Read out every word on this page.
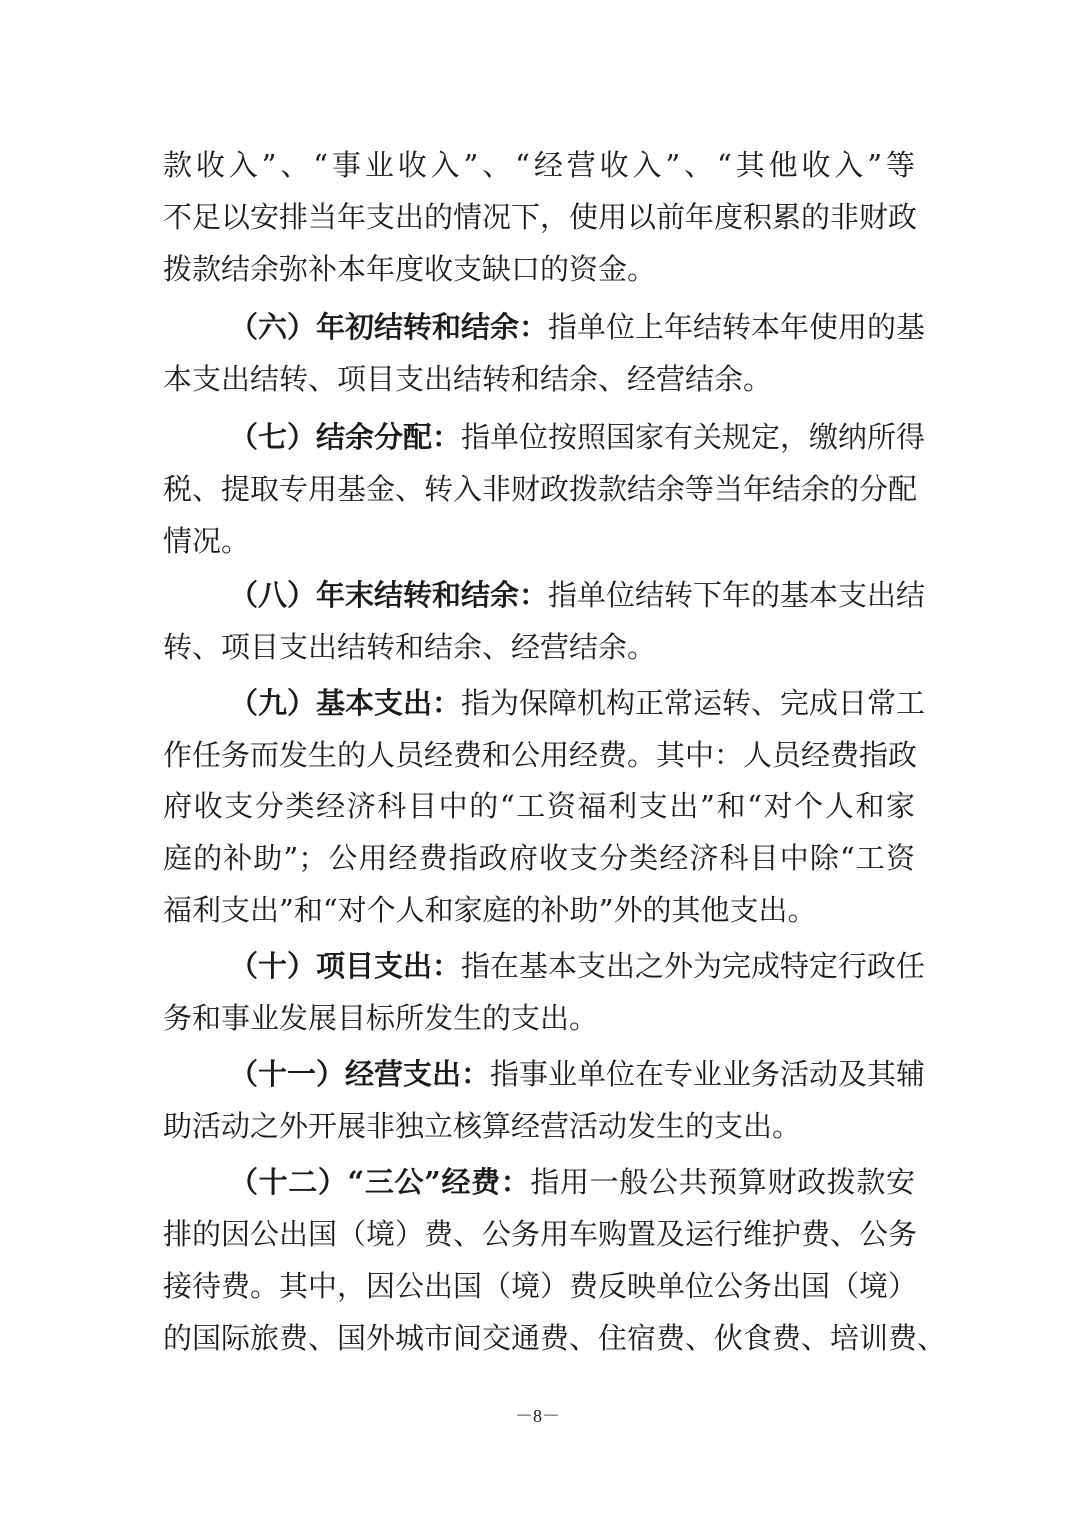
款收入”、“事业收入”、“经营收入”、“其他收入”等
不足以安排当年支出的情况下，使用以前年度积累的非财政
拨款结余弥补本年度收支缺口的资金。
（六）年初结转和结余：指单位上年结转本年使用的基
本支出结转、项目支出结转和结余、经营结余。
（七）结余分配：指单位按照国家有关规定，缴纳所得
税、提取专用基金、转入非财政拨款结余等当年结余的分配
情况。
（八）年末结转和结余：指单位结转下年的基本支出结
转、项目支出结转和结余、经营结余。
（九）基本支出：指为保障机构正常运转、完成日常工
作任务而发生的人员经费和公用经费。其中：人员经费指政
府收支分类经济科目中的“工资福利支出”和“对个人和家
庭的补助”；公用经费指政府收支分类经济科目中除“工资
福利支出”和“对个人和家庭的补助”外的其他支出。
（十）项目支出：指在基本支出之外为完成特定行政任
务和事业发展目标所发生的支出。
（十一）经营支出：指事业单位在专业业务活动及其辅
助活动之外开展非独立核算经营活动发生的支出。
（十二）“三公”经费：指用一般公共预算财政拨款安
排的因公出国（境）费、公务用车购置及运行维护费、公务
接待费。其中，因公出国（境）费反映单位公务出国（境）
的国际旅费、国外城市间交通费、住宿费、伙食费、培训费、
－8－
